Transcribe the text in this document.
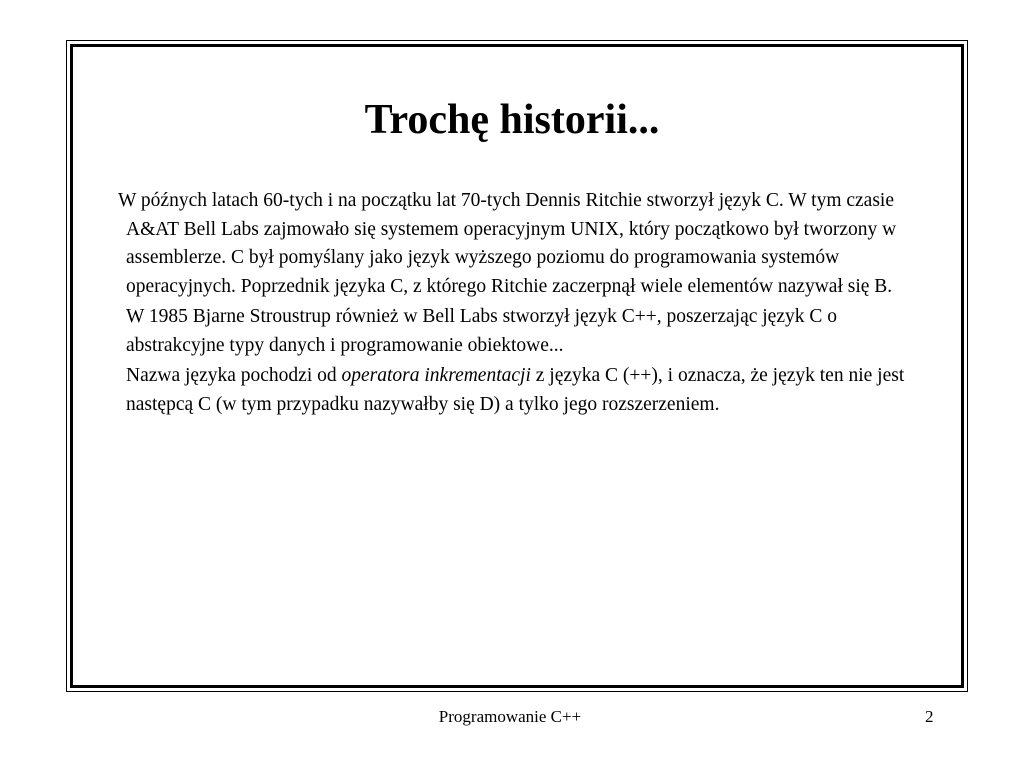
Trochę historii...

W późnych latach 60-tych i na początku lat 70-tych Dennis Ritchie stworzył język C. W tym czasie A&AT Bell Labs zajmowało się systemem operacyjnym UNIX, który początkowo był tworzony w assemblerze. C był pomyślany jako język wyższego poziomu do programowania systemów operacyjnych. Poprzednik języka C, z którego Ritchie zaczerpnął wiele elementów nazywał się B.

W 1985 Bjarne Stroustrup również w Bell Labs stworzył język C++, poszerzając język C o abstrakcyjne typy danych i programowanie obiektowe...

Nazwa języka pochodzi od operatora inkrementacji z języka C (++), i oznacza, że język ten nie jest następcą C (w tym przypadku nazywałby się D) a tylko jego rozszerzeniem.

Programowanie C++	2
